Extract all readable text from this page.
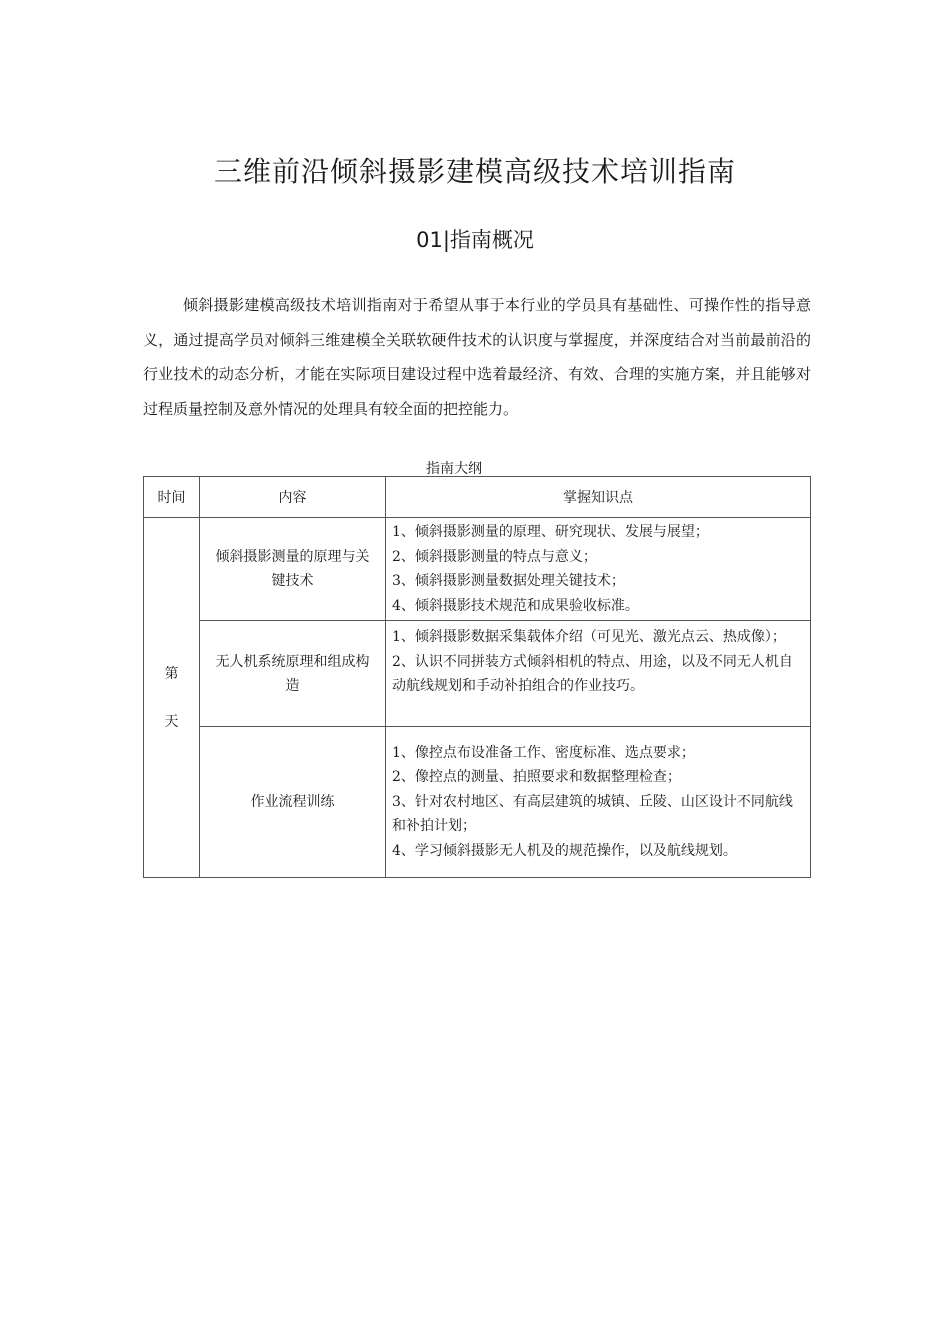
三维前沿倾斜摄影建模高级技术培训指南
01|指南概况

倾斜摄影建模高级技术培训指南对于希望从事于本行业的学员具有基础性、可操作性的指导意义，通过提高学员对倾斜三维建模全关联软硬件技术的认识度与掌握度，并深度结合对当前最前沿的行业技术的动态分析，才能在实际项目建设过程中选着最经济、有效、合理的实施方案，并且能够对过程质量控制及意外情况的处理具有较全面的把控能力。

指南大纲
时间	内容	掌握知识点

第
天	倾斜摄影测量的原理与关键技术	1、倾斜摄影测量的原理、研究现状、发展与展望；
2、倾斜摄影测量的特点与意义；
3、倾斜摄影测量数据处理关键技术；
4、倾斜摄影技术规范和成果验收标准。

	无人机系统原理和组成构造	1、倾斜摄影数据采集载体介绍（可见光、激光点云、热成像）；
2、认识不同拼装方式倾斜相机的特点、用途，以及不同无人机自动航线规划和手动补拍组合的作业技巧。

	作业流程训练	1、像控点布设准备工作、密度标准、选点要求；
2、像控点的测量、拍照要求和数据整理检查；
3、针对农村地区、有高层建筑的城镇、丘陵、山区设计不同航线和补拍计划；
4、学习倾斜摄影无人机及的规范操作，以及航线规划。
